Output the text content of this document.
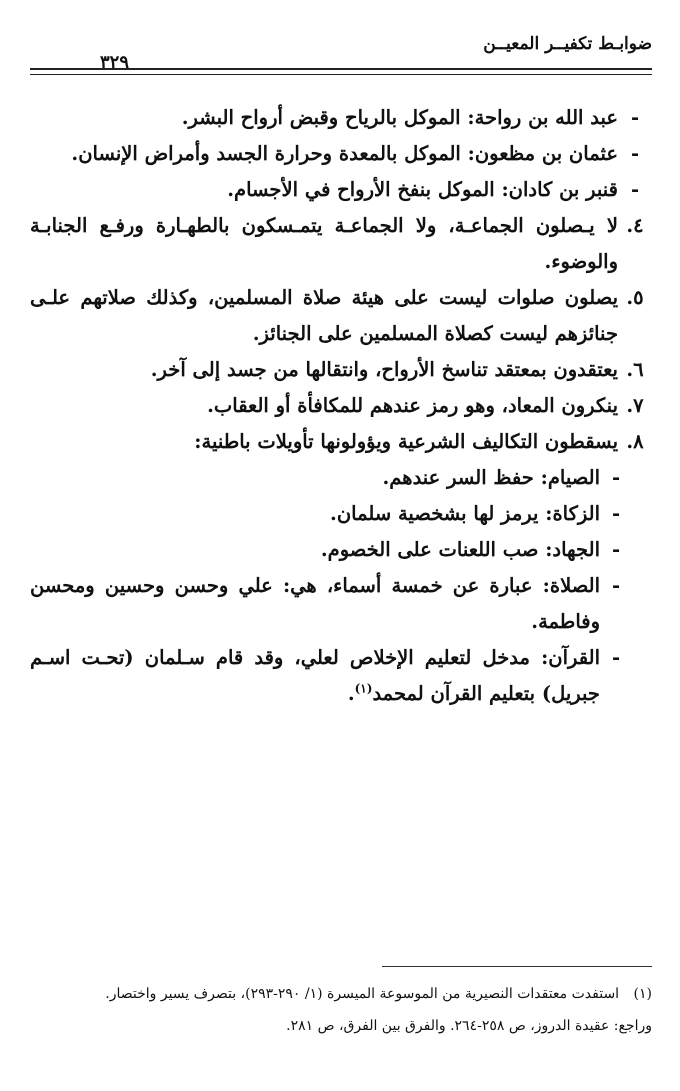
ضوابـط تكفيــر المعيــن
٣٢٩
-
عبد الله بن رواحة: الموكل بالرياح وقبض أرواح البشر.
-
عثمان بن مظعون: الموكل بالمعدة وحرارة الجسد وأمراض الإنسان.
-
قنبر بن كادان: الموكل بنفخ الأرواح في الأجسام.
٤.
لا يـصلون الجماعـة، ولا الجماعـة يتمـسكون بالطهـارة ورفـع الجنابـة والوضوء.
٥.
يصلون صلوات ليست على هيئة صلاة المسلمين، وكذلك صلاتهم علـى جنائزهم ليست كصلاة المسلمين على الجنائز.
٦.
يعتقدون بمعتقد تناسخ الأرواح، وانتقالها من جسد إلى آخر.
٧.
ينكرون المعاد، وهو رمز عندهم للمكافأة أو العقاب.
٨.
يسقطون التكاليف الشرعية ويؤولونها تأويلات باطنية:
-
الصيام: حفظ السر عندهم.
-
الزكاة: يرمز لها بشخصية سلمان.
-
الجهاد: صب اللعنات على الخصوم.
-
الصلاة: عبارة عن خمسة أسماء، هي: علي وحسن وحسين ومحسن وفاطمة.
-
القرآن: مدخل لتعليم الإخلاص لعلي، وقد قام سـلمان (تحـت اسـم جبريل) بتعليم القرآن لمحمد$^{(١)}$.
(١) استفدت معتقدات النصيرية من الموسوعة الميسرة (١/ ٢٩٠-٢٩٣)، بتصرف يسير واختصار.
وراجع: عقيدة الدروز، ص ٢٥٨-٢٦٤. والفرق بين الفرق، ص ٢٨١.
